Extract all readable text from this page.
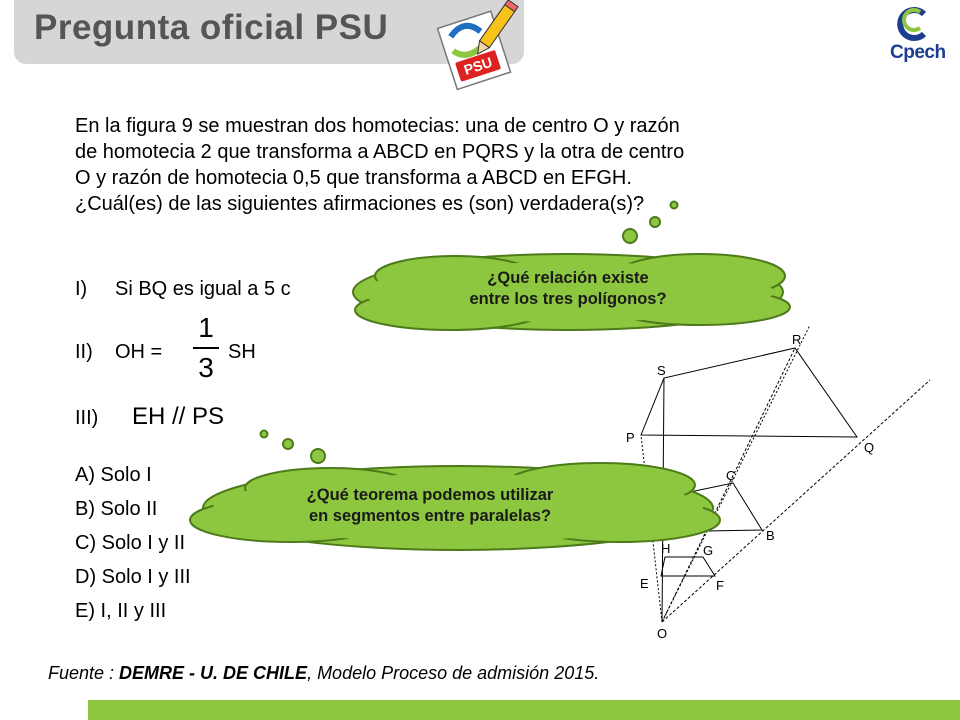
Pregunta oficial PSU
PSU
Cpech
En la figura 9 se muestran dos homotecias: una de centro O y razón
de homotecia 2 que transforma a ABCD en PQRS y la otra de centro
O y razón de homotecia 0,5 que transforma a ABCD en EFGH.
¿Cuál(es) de las siguientes afirmaciones es (son) verdadera(s)?
I)     Si BQ es igual a 5 c
II)    OH =
1
3 SH
III) EH // PS
A) Solo I
B) Solo II
C) Solo I y II
D) Solo I y III
E) I, II y III
R
S
P
Q
C
B
H	G
E	F
O
¿Qué relación existe
entre los tres polígonos?
¿Qué teorema podemos utilizar
en segmentos entre paralelas?
Fuente : DEMRE - U. DE CHILE, Modelo Proceso de admisión 2015.
